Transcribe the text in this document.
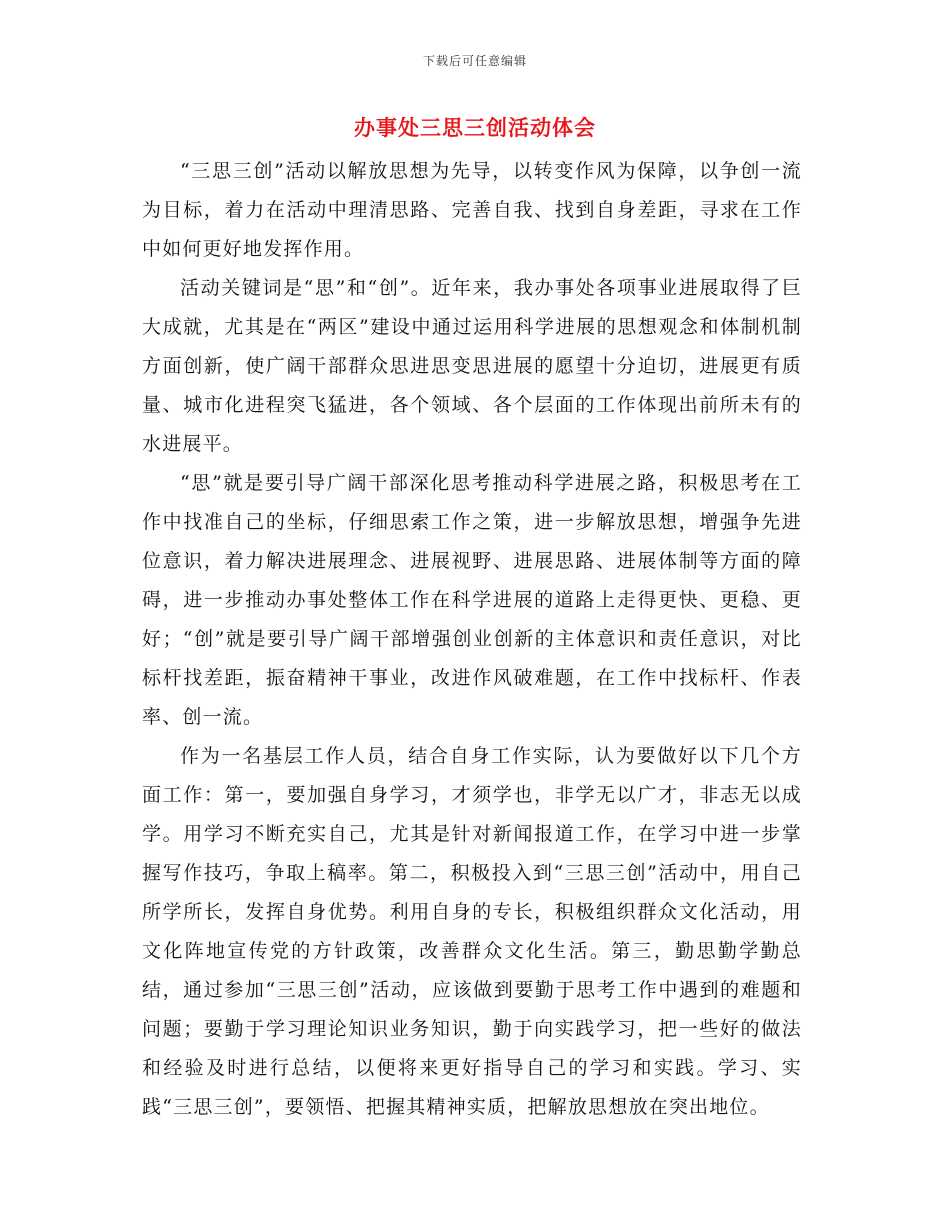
下载后可任意编辑
办事处三思三创活动体会

“三思三创”活动以解放思想为先导，以转变作风为保障，以争创一流为目标，着力在活动中理清思路、完善自我、找到自身差距，寻求在工作中如何更好地发挥作用。

活动关键词是“思”和“创”。近年来，我办事处各项事业进展取得了巨大成就，尤其是在“两区”建设中通过运用科学进展的思想观念和体制机制方面创新，使广阔干部群众思进思变思进展的愿望十分迫切，进展更有质量、城市化进程突飞猛进，各个领域、各个层面的工作体现出前所未有的水进展平。

“思”就是要引导广阔干部深化思考推动科学进展之路，积极思考在工作中找准自己的坐标，仔细思索工作之策，进一步解放思想，增强争先进位意识，着力解决进展理念、进展视野、进展思路、进展体制等方面的障碍，进一步推动办事处整体工作在科学进展的道路上走得更快、更稳、更好；“创”就是要引导广阔干部增强创业创新的主体意识和责任意识，对比标杆找差距，振奋精神干事业，改进作风破难题，在工作中找标杆、作表率、创一流。

作为一名基层工作人员，结合自身工作实际，认为要做好以下几个方面工作：第一，要加强自身学习，才须学也，非学无以广才，非志无以成学。用学习不断充实自己，尤其是针对新闻报道工作，在学习中进一步掌握写作技巧，争取上稿率。第二，积极投入到“三思三创”活动中，用自己所学所长，发挥自身优势。利用自身的专长，积极组织群众文化活动，用文化阵地宣传党的方针政策，改善群众文化生活。第三，勤思勤学勤总结，通过参加“三思三创”活动，应该做到要勤于思考工作中遇到的难题和问题；要勤于学习理论知识业务知识，勤于向实践学习，把一些好的做法和经验及时进行总结，以便将来更好指导自己的学习和实践。学习、实践“三思三创”，要领悟、把握其精神实质，把解放思想放在突出地位。
